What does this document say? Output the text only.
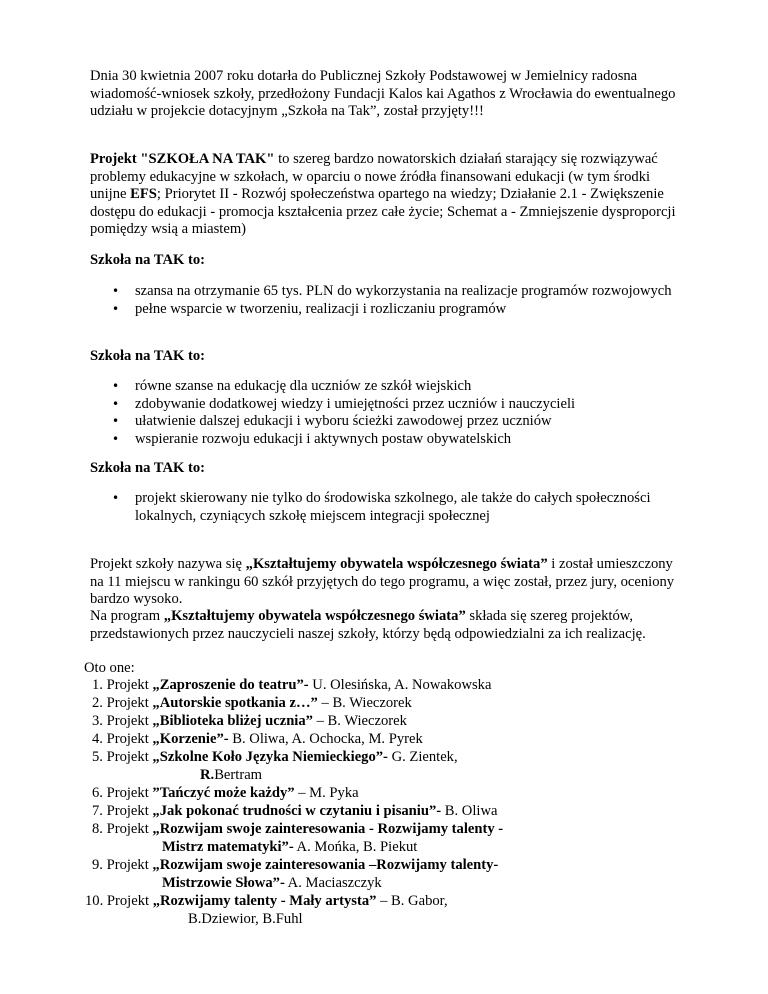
Dnia 30 kwietnia 2007 roku dotarła do Publicznej Szkoły Podstawowej w Jemielnicy radosna wiadomość-wniosek szkoły, przedłożony Fundacji Kalos kai Agathos z Wrocławia do ewentualnego udziału w projekcie dotacyjnym „Szkoła na Tak”, został przyjęty!!!

Projekt "SZKOŁA NA TAK" to szereg bardzo nowatorskich działań starający się rozwiązywać problemy edukacyjne w szkołach, w oparciu o nowe źródła finansowani edukacji (w tym środki unijne EFS; Priorytet II - Rozwój społeczeństwa opartego na wiedzy; Działanie 2.1 - Zwiększenie dostępu do edukacji - promocja kształcenia przez całe życie; Schemat a - Zmniejszenie dysproporcji pomiędzy wsią a miastem)

Szkoła na TAK to:

• szansa na otrzymanie 65 tys. PLN do wykorzystania na realizacje programów rozwojowych
• pełne wsparcie w tworzeniu, realizacji i rozliczaniu programów

Szkoła na TAK to:

• równe szanse na edukację dla uczniów ze szkół wiejskich
• zdobywanie dodatkowej wiedzy i umiejętności przez uczniów i nauczycieli
• ułatwienie dalszej edukacji i wyboru ścieżki zawodowej przez uczniów
• wspieranie rozwoju edukacji i aktywnych postaw obywatelskich

Szkoła na TAK to:

• projekt skierowany nie tylko do środowiska szkolnego, ale także do całych społeczności lokalnych, czyniących szkołę miejscem integracji społecznej

Projekt szkoły nazywa się „Kształtujemy obywatela współczesnego świata” i został umieszczony na 11 miejscu w rankingu 60 szkół przyjętych do tego programu, a więc został, przez jury, oceniony bardzo wysoko.

Na program „Kształtujemy obywatela współczesnego świata” składa się szereg projektów, przedstawionych przez nauczycieli naszej szkoły, którzy będą odpowiedzialni za ich realizację.

Oto one:

1. Projekt „Zaproszenie do teatru”- U. Olesińska, A. Nowakowska
2. Projekt „Autorskie spotkania z…” – B. Wieczorek
3. Projekt „Biblioteka bliżej ucznia” – B. Wieczorek
4. Projekt „Korzenie”- B. Oliwa, A. Ochocka, M. Pyrek
5. Projekt „Szkolne Koło Języka Niemieckiego”- G. Zientek,
R.Bertram
6. Projekt ”Tańczyć może każdy” – M. Pyka
7. Projekt „Jak pokonać trudności w czytaniu i pisaniu”- B. Oliwa
8. Projekt „Rozwijam swoje zainteresowania - Rozwijamy talenty -
Mistrz matematyki”- A. Mońka, B. Piekut
9. Projekt „Rozwijam swoje zainteresowania –Rozwijamy talenty-
Mistrzowie Słowa”- A. Maciaszczyk
10. Projekt „Rozwijamy talenty - Mały artysta” – B. Gabor,
B.Dziewior, B.Fuhl
